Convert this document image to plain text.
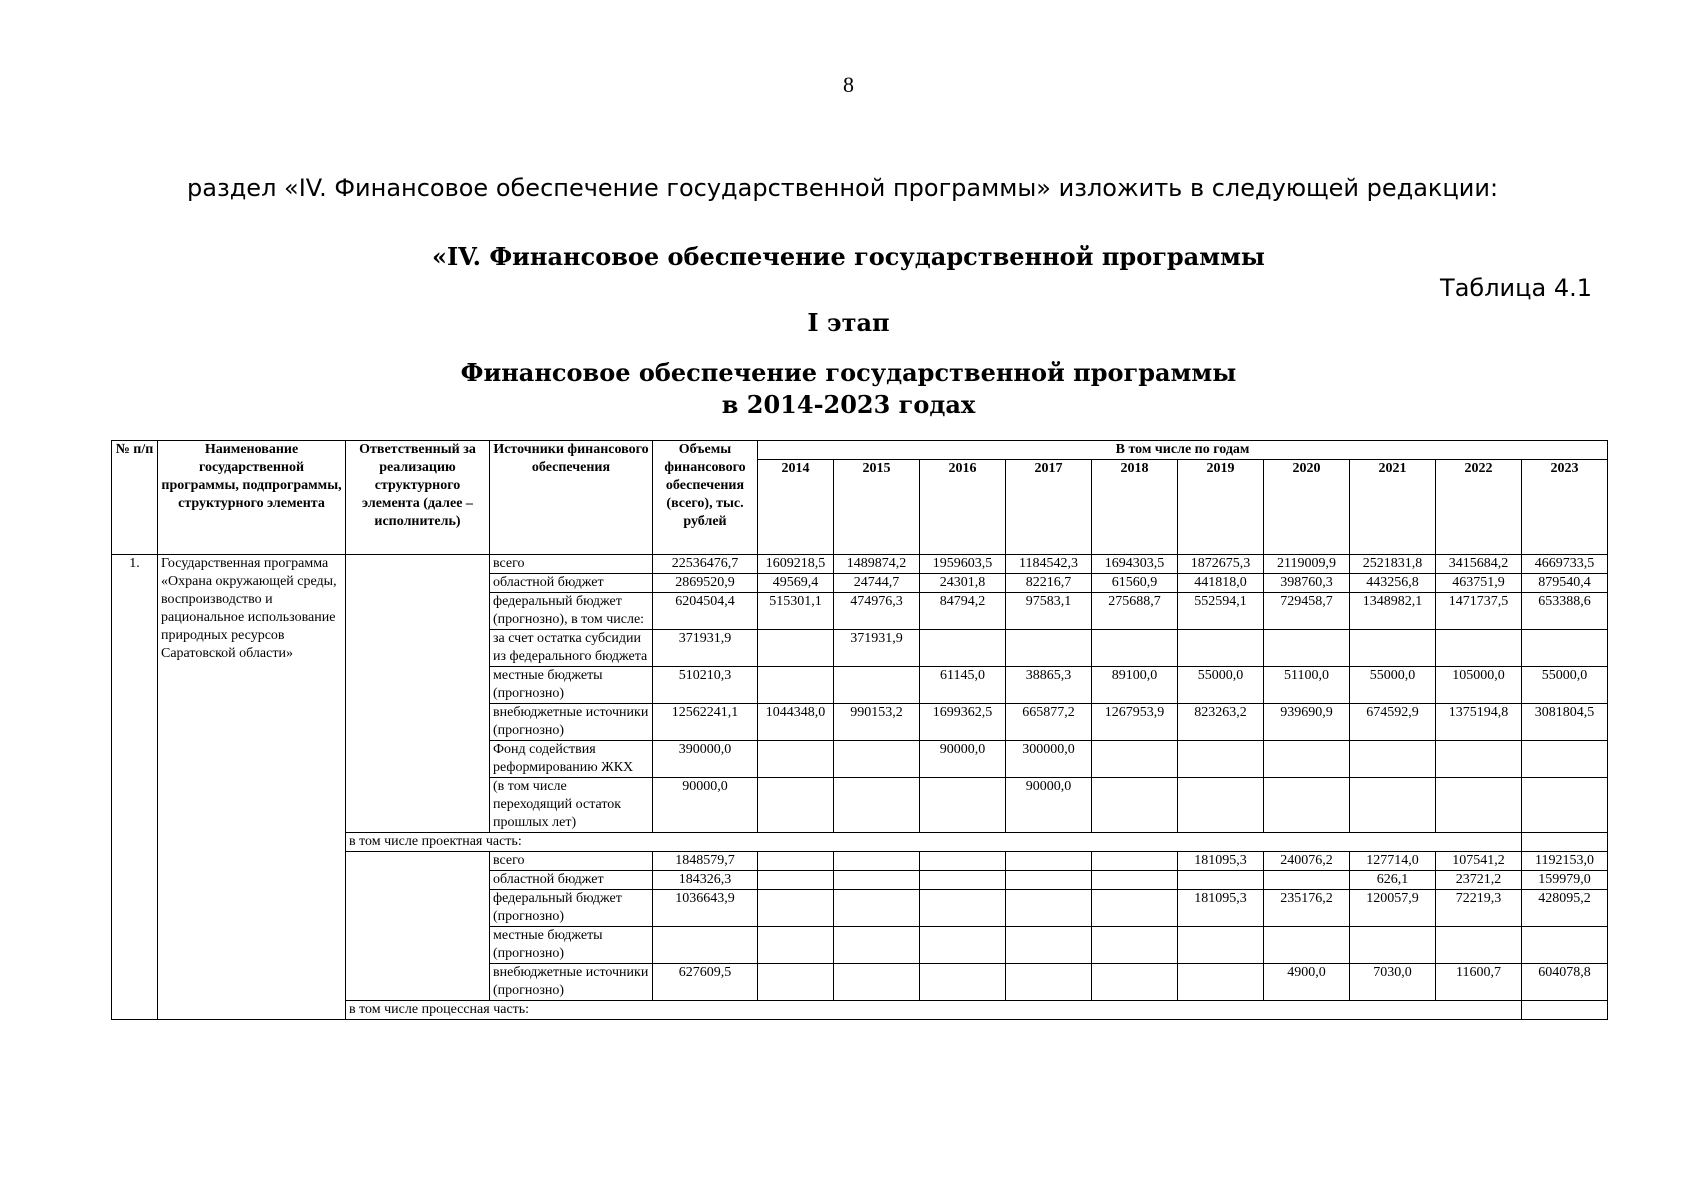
8
раздел «IV. Финансовое обеспечение государственной программы» изложить в следующей редакции:
«IV. Финансовое обеспечение государственной программы
Таблица 4.1
I этап
Финансовое обеспечение государственной программы
в 2014-2023 годах
№ п/п	Наименование государственной программы, подпрограммы, структурного элемента	Ответственный за реализацию структурного элемента (далее – исполнитель)	Источники финансового обеспечения	Объемы финансового обеспечения (всего), тыс. рублей	В том числе по годам									
					2014	2015	2016	2017	2018	2019	2020	2021	2022	2023
1.	Государственная программа «Охрана окружающей среды, воспроизводство и рациональное использование природных ресурсов Саратовской области»		всего	22536476,7	1609218,5	1489874,2	1959603,5	1184542,3	1694303,5	1872675,3	2119009,9	2521831,8	3415684,2	4669733,5
			областной бюджет	2869520,9	49569,4	24744,7	24301,8	82216,7	61560,9	441818,0	398760,3	443256,8	463751,9	879540,4
			федеральный бюджет (прогнозно), в том числе:	6204504,4	515301,1	474976,3	84794,2	97583,1	275688,7	552594,1	729458,7	1348982,1	1471737,5	653388,6
			за счет остатка субсидии из федерального бюджета	371931,9		371931,9								
			местные бюджеты (прогнозно)	510210,3			61145,0	38865,3	89100,0	55000,0	51100,0	55000,0	105000,0	55000,0
			внебюджетные источники (прогнозно)	12562241,1	1044348,0	990153,2	1699362,5	665877,2	1267953,9	823263,2	939690,9	674592,9	1375194,8	3081804,5
			Фонд содействия реформированию ЖКХ	390000,0			90000,0	300000,0						
			(в том числе переходящий остаток прошлых лет)	90000,0				90000,0						
		в том числе проектная часть:												
			всего	1848579,7						181095,3	240076,2	127714,0	107541,2	1192153,0
			областной бюджет	184326,3								626,1	23721,2	159979,0
			федеральный бюджет (прогнозно)	1036643,9						181095,3	235176,2	120057,9	72219,3	428095,2
			местные бюджеты (прогнозно)											
			внебюджетные источники (прогнозно)	627609,5							4900,0	7030,0	11600,7	604078,8
		в том числе процессная часть:												
